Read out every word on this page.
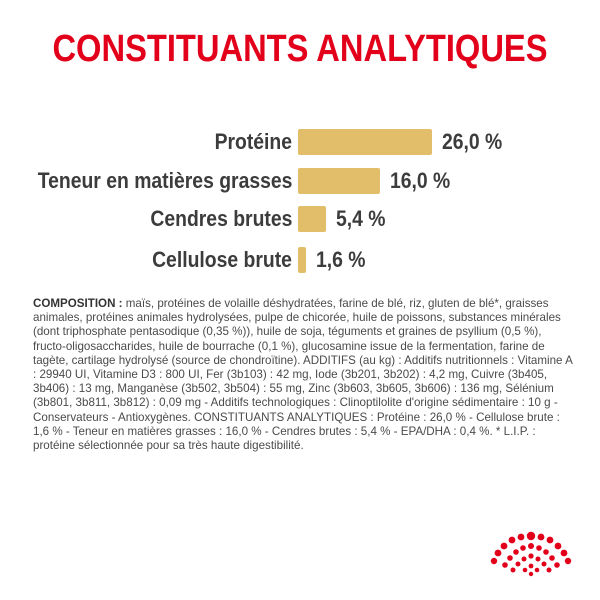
CONSTITUANTS ANALYTIQUES
Protéine	26,0 %
Teneur en matières grasses	16,0 %
Cendres brutes 5,4 %
Cellulose brute 1,6 %

COMPOSITION : maïs, protéines de volaille déshydratées, farine de blé, riz, gluten de blé*, graisses animales, protéines animales hydrolysées, pulpe de chicorée, huile de poissons, substances minérales (dont triphosphate pentasodique (0,35 %)), huile de soja, téguments et graines de psyllium (0,5 %), fructo-oligosaccharides, huile de bourrache (0,1 %), glucosamine issue de la fermentation, farine de tagète, cartilage hydrolysé (source de chondroïtine). ADDITIFS (au kg) : Additifs nutritionnels : Vitamine A : 29940 UI, Vitamine D3 : 800 UI, Fer (3b103) : 42 mg, Iode (3b201, 3b202) : 4,2 mg, Cuivre (3b405, 3b406) : 13 mg, Manganèse (3b502, 3b504) : 55 mg, Zinc (3b603, 3b605, 3b606) : 136 mg, Sélénium (3b801, 3b811, 3b812) : 0,09 mg - Additifs technologiques : Clinoptilolite d'origine sédimentaire : 10 g - Conservateurs - Antioxygènes. CONSTITUANTS ANALYTIQUES : Protéine : 26,0 % - Cellulose brute : 1,6 % - Teneur en matières grasses : 16,0 % - Cendres brutes : 5,4 % - EPA/DHA : 0,4 %. * L.I.P. : protéine sélectionnée pour sa très haute digestibilité.
